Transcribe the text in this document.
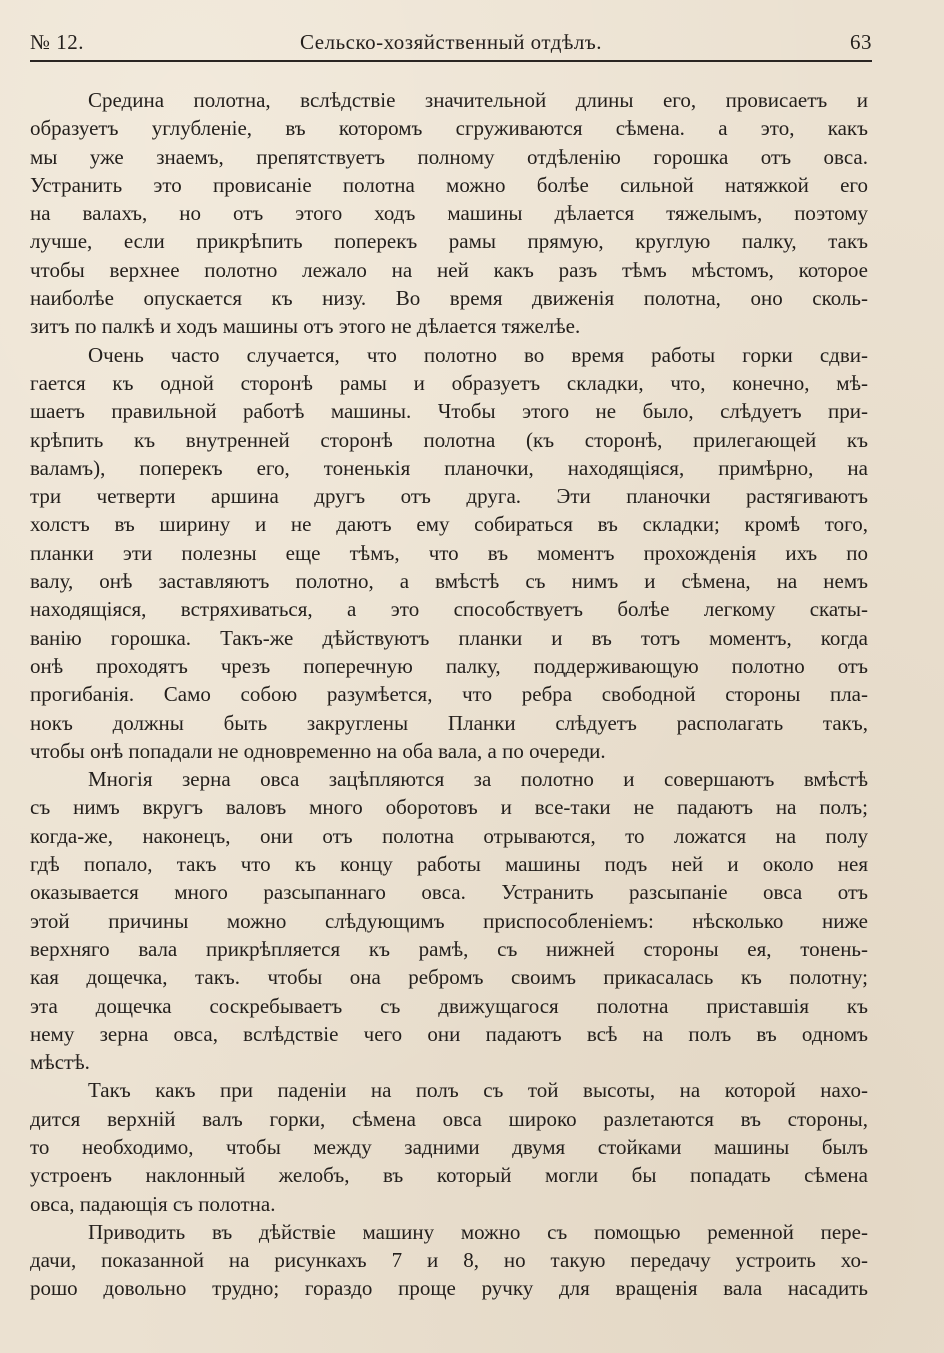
№ 12.	Сельско-хозяйственный отдѣлъ.	63
Средина полотна, вслѣдствіе значительной длины его, провисаетъ и
образуетъ углубленіе, въ которомъ сгруживаются сѣмена. а это, какъ
мы уже знаемъ, препятствуетъ полному отдѣленію горошка отъ овса.
Устранить это провисаніе полотна можно болѣе сильной натяжкой его
на валахъ, но отъ этого ходъ машины дѣлается тяжелымъ, поэтому
лучше, если прикрѣпить поперекъ рамы прямую, круглую палку, такъ
чтобы верхнее полотно лежало на ней какъ разъ тѣмъ мѣстомъ, которое
наиболѣе опускается къ низу. Во время движенія полотна, оно сколь-
зитъ по палкѣ и ходъ машины отъ этого не дѣлается тяжелѣе.
Очень часто случается, что полотно во время работы горки сдви-
гается къ одной сторонѣ рамы и образуетъ складки, что, конечно, мѣ-
шаетъ правильной работѣ машины. Чтобы этого не было, слѣдуетъ при-
крѣпить къ внутренней сторонѣ полотна (къ сторонѣ, прилегающей къ
валамъ), поперекъ его, тоненькія планочки, находящіяся, примѣрно, на
три четверти аршина другъ отъ друга. Эти планочки растягиваютъ
холстъ въ ширину и не даютъ ему собираться въ складки; кромѣ того,
планки эти полезны еще тѣмъ, что въ моментъ прохожденія ихъ по
валу, онѣ заставляютъ полотно, а вмѣстѣ съ нимъ и сѣмена, на немъ
находящіяся, встряхиваться, а это способствуетъ болѣе легкому скаты-
ванію горошка. Такъ-же дѣйствуютъ планки и въ тотъ моментъ, когда
онѣ проходятъ чрезъ поперечную палку, поддерживающую полотно отъ
прогибанія. Само собою разумѣется, что ребра свободной стороны пла-
нокъ должны быть закруглены Планки слѣдуетъ располагать такъ,
чтобы онѣ попадали не одновременно на оба вала, а по очереди.
Многія зерна овса зацѣпляются за полотно и совершаютъ вмѣстѣ
съ нимъ вкругъ валовъ много оборотовъ и все-таки не падаютъ на полъ;
когда-же, наконецъ, они отъ полотна отрываются, то ложатся на полу
гдѣ попало, такъ что къ концу работы машины подъ ней и около нея
оказывается много разсыпаннаго овса. Устранить разсыпаніе овса отъ
этой причины можно слѣдующимъ приспособленіемъ: нѣсколько ниже
верхняго вала прикрѣпляется къ рамѣ, съ нижней стороны ея, тонень-
кая дощечка, такъ. чтобы она ребромъ своимъ прикасалась къ полотну;
эта дощечка соскребываетъ съ движущагося полотна приставшія къ
нему зерна овса, вслѣдствіе чего они падаютъ всѣ на полъ въ одномъ
мѣстѣ.
Такъ какъ при паденіи на полъ съ той высоты, на которой нахо-
дится верхній валъ горки, сѣмена овса широко разлетаются въ стороны,
то необходимо, чтобы между задними двумя стойками машины былъ
устроенъ наклонный желобъ, въ который могли бы попадать сѣмена
овса, падающія съ полотна.
Приводить въ дѣйствіе машину можно съ помощью ременной пере-
дачи, показанной на рисункахъ 7 и 8, но такую передачу устроить хо-
рошо довольно трудно; гораздо проще ручку для вращенія вала насадить
